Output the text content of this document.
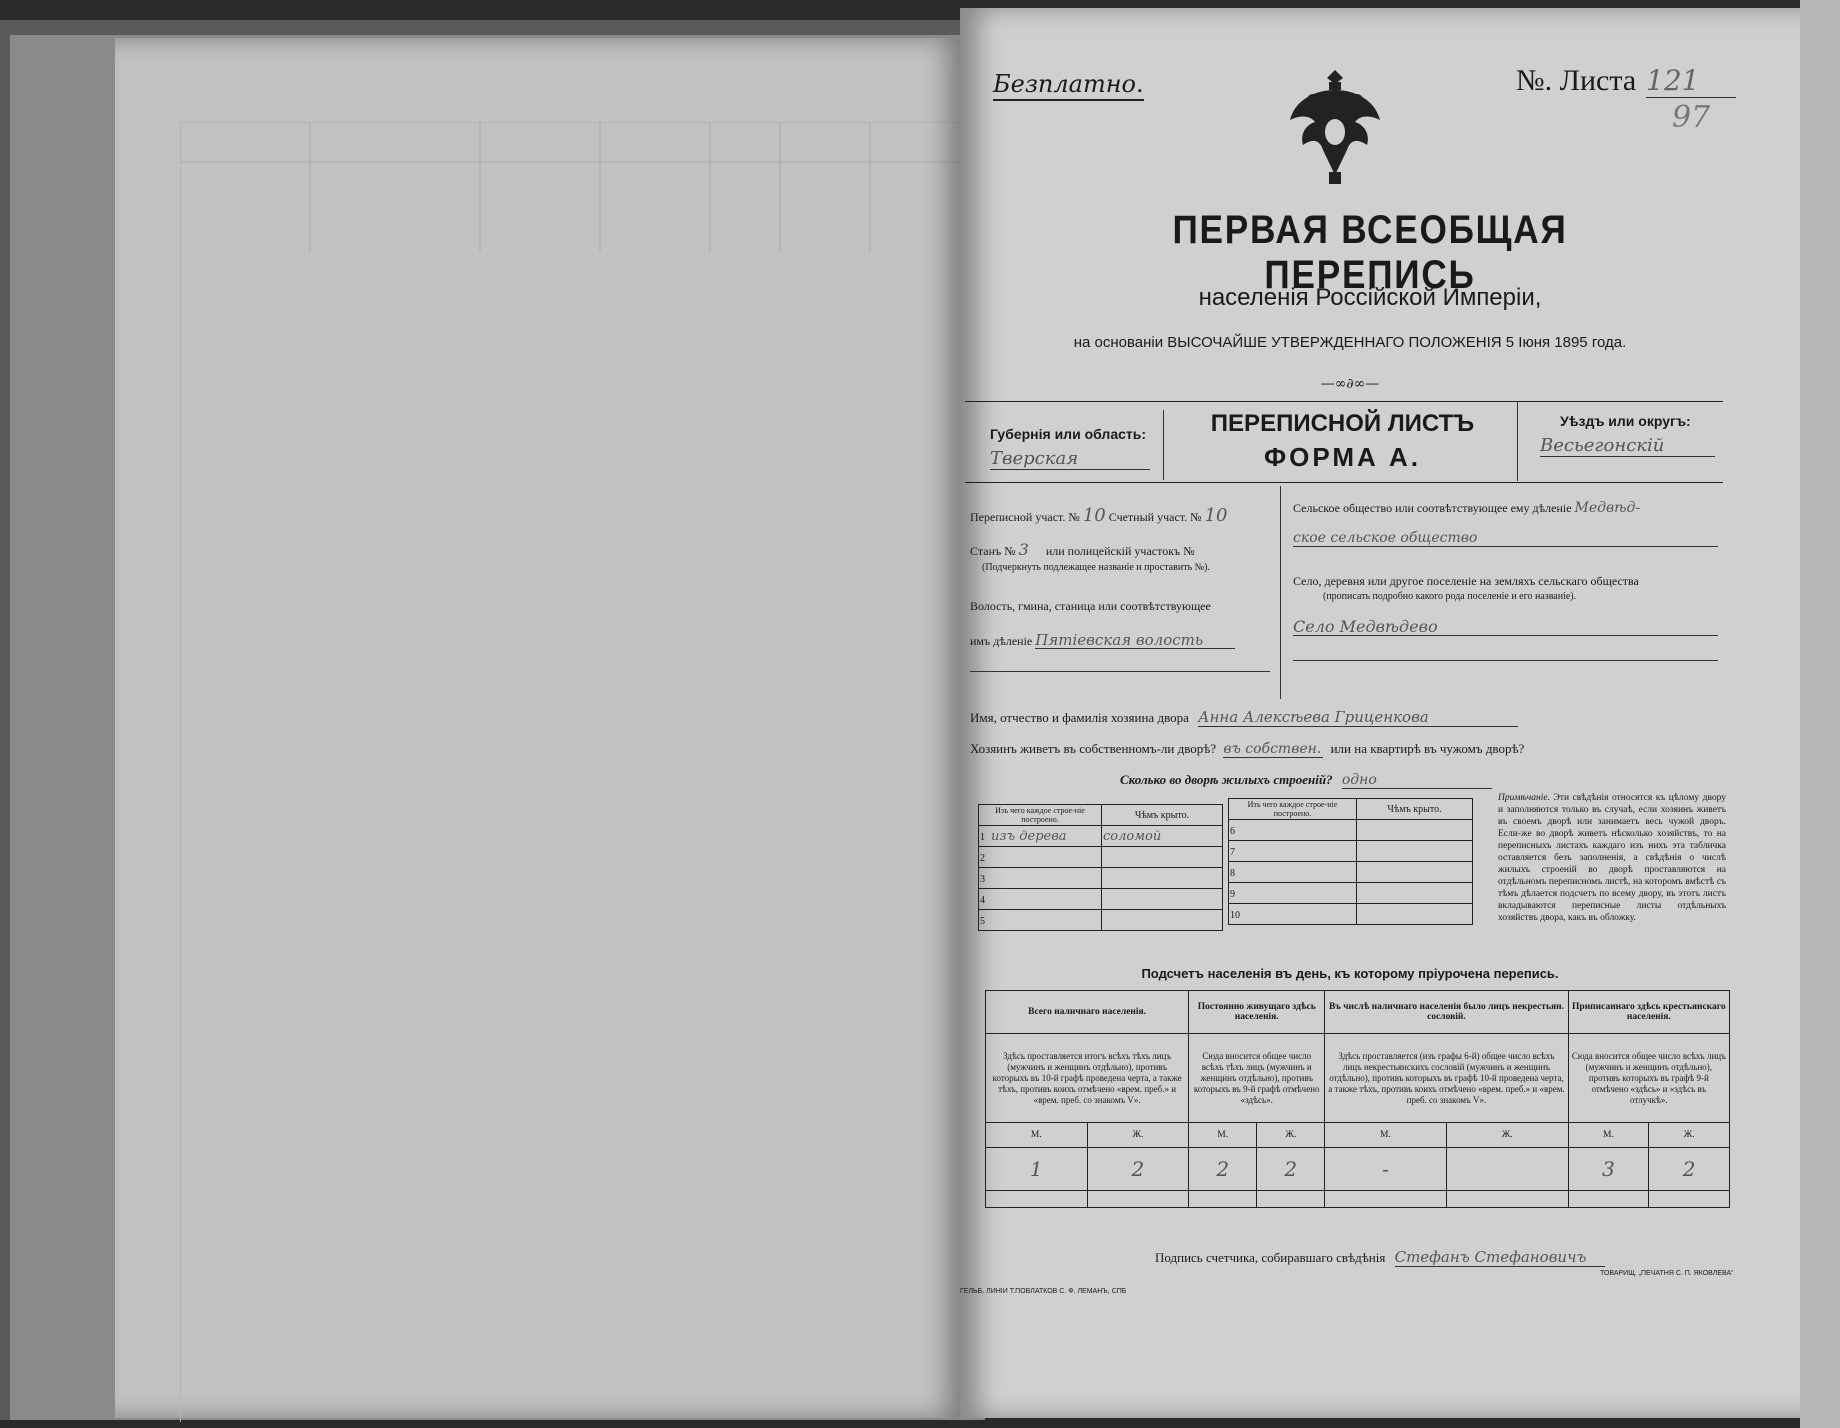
Безплатно.	№. Листа 121
97
ПЕРВАЯ ВСЕОБЩАЯ ПЕРЕПИСЬ
населенія Россійской Имперіи,
на основаніи ВЫСОЧАЙШЕ УТВЕРЖДЕННАГО ПОЛОЖЕНІЯ 5 Іюня 1895 года.
—∞∂∞—
Губернія или область:
Тверская
ПЕРЕПИСНОЙ ЛИСТЪ
ФОРМА А.
Уѣздъ или округъ:
Весьегонскій
Переписной участ. № 10 Счетный участ. № 10
Станъ № 3 или полицейскій участокъ №
(Подчеркнуть подлежащее названіе и проставить №).
Волость, гмина, станица или соотвѣтствующее
имъ дѣленіе Пятіевская волость
Сельское общество или соотвѣтствующее ему дѣленіе Медвѣд-
ское сельское общество
Село, деревня или другое поселеніе на земляхъ сельскаго общества
(прописать подробно какого рода поселеніе и его названіе).
Село Медвѣдево
Имя, отчество и фамилія хозяина двора Анна Алексѣева Гриценкова
Хозяинъ живетъ въ собственномъ-ли дворѣ? въ собствен. или на квартирѣ въ чужомъ дворѣ?
Сколько во дворѣ жилыхъ строеній? одно
Изъ чего каждое строе-ніе построено.	Чѣмъ крыто.
1 изъ дерева	соломой
2	
3	
4	
5	
Изъ чего каждое строе-ніе построено.	Чѣмъ крыто.
6	
7	
8	
9	
10	
Примѣчаніе. Эти свѣдѣнія относятся къ цѣлому двору и заполняются только въ случаѣ, если хозяинъ живетъ въ своемъ дворѣ или занимаетъ весь чужой дворъ. Если-же во дворѣ живетъ нѣсколько хозяйствъ, то на переписныхъ листахъ каждаго изъ нихъ эта табличка оставляется безъ заполненія, а свѣдѣнія о числѣ жилыхъ строеній во дворѣ проставляются на отдѣльномъ переписномъ листѣ, на которомъ вмѣстѣ съ тѣмъ дѣлается подсчетъ по всему двору, въ этотъ листъ вкладываются переписные листы отдѣльныхъ хозяйствъ двора, какъ въ обложку.
Подсчетъ населенія въ день, къ которому пріурочена перепись.
Всего наличнаго населенія.		Постоянно живущаго здѣсь населенія.		Въ числѣ наличнаго населенія было лицъ некрестьян. сословій.		Приписаннаго здѣсь крестьянскаго населенія.	
Здѣсь проставляется итогъ всѣхъ тѣхъ лицъ (мужчинъ и женщинъ отдѣльно), противъ которыхъ въ 10-й графѣ проведена черта, а также тѣхъ, противъ коихъ отмѣчено «врем. преб.» и «врем. преб. со знакомъ V».		Сюда вносится общее число всѣхъ тѣхъ лицъ (мужчинъ и женщинъ отдѣльно), противъ которыхъ въ 9-й графѣ отмѣчено «здѣсь».		Здѣсь проставляется (изъ графы 6-й) общее число всѣхъ лицъ некрестьянскихъ сословій (мужчинъ и женщинъ отдѣльно), противъ которыхъ въ графѣ 10-й проведена черта, а также тѣхъ, противъ коихъ отмѣчено «врем. преб.» и «врем. преб. со знакомъ V».		Сюда вносится общее число всѣхъ лицъ (мужчинъ и женщинъ отдѣльно), противъ которыхъ въ графѣ 9-й отмѣчено «здѣсь» и «здѣсь въ отлучкѣ».	
М.	Ж.	М.	Ж.	М.	Ж.	М.	Ж.
1	2	2	2	-		3	2

Подпись счетчика, собиравшаго свѣдѣнія Стефанъ Стефановичъ
ГЕЛЬБ. ЛИНІИ Т.ПОВЛАТКОВ С. Ф. ЛЕМАНЪ, СПБ
ТОВАРИЩ. „ПЕЧАТНЯ С. П. ЯКОВЛЕВА“
